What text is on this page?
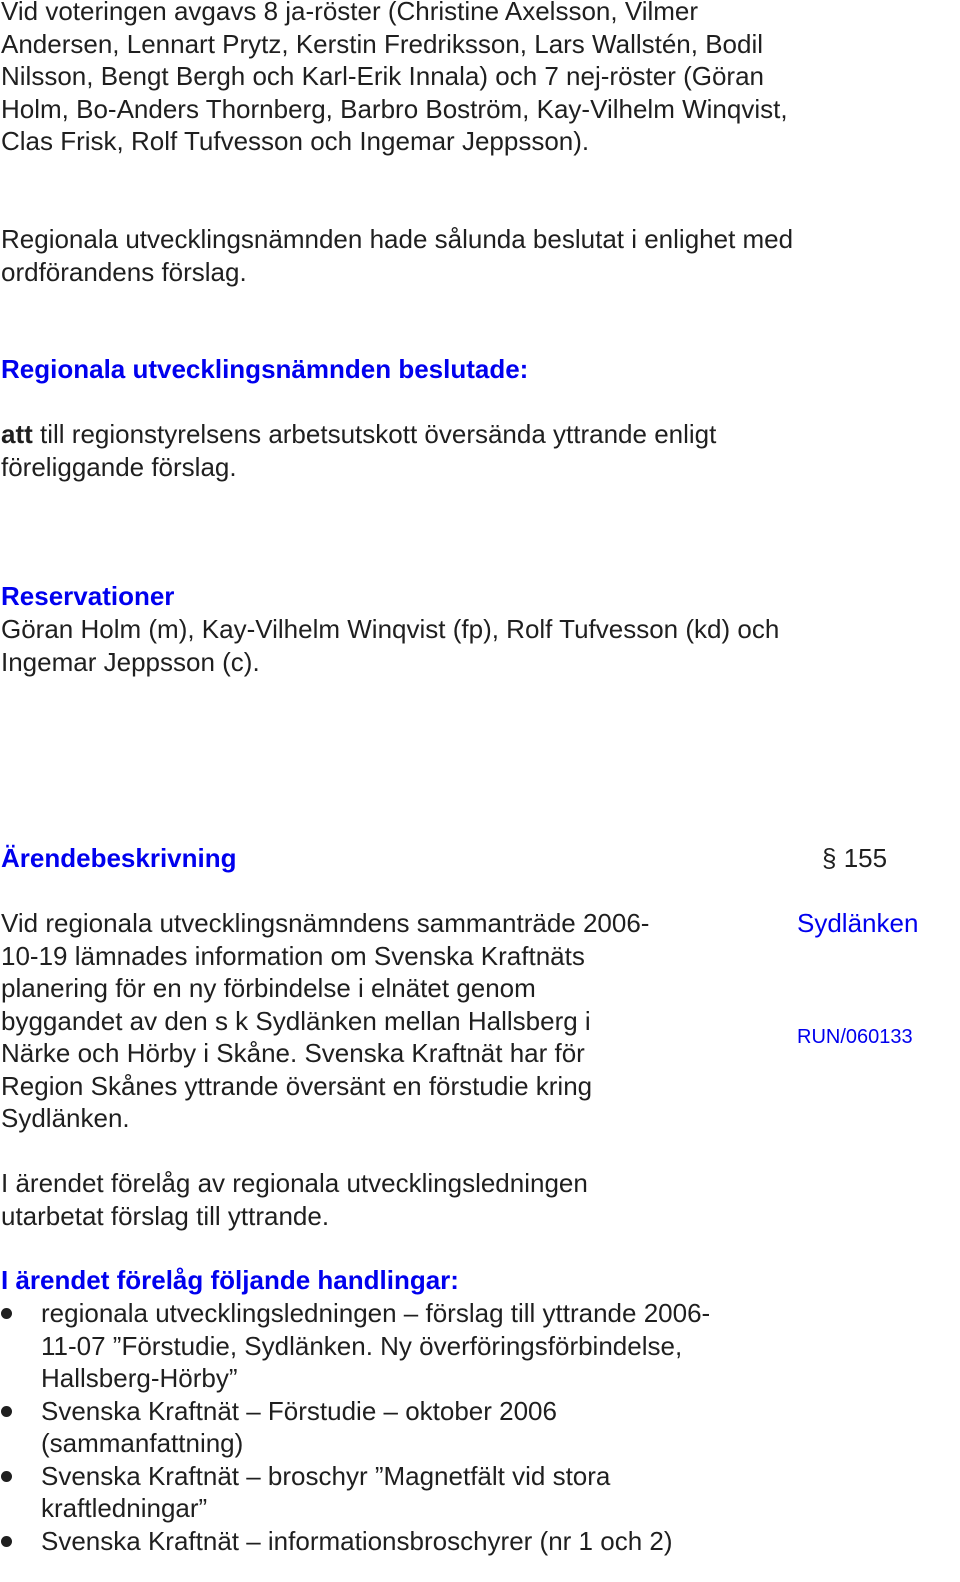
Vid voteringen avgavs 8 ja-röster (Christine Axelsson, Vilmer Andersen, Lennart Prytz, Kerstin Fredriksson, Lars Wallstén, Bodil Nilsson, Bengt Bergh och Karl-Erik Innala) och 7 nej-röster (Göran Holm, Bo-Anders Thornberg, Barbro Boström, Kay-Vilhelm Winqvist, Clas Frisk, Rolf Tufvesson och Ingemar Jeppsson).

Regionala utvecklingsnämnden hade sålunda beslutat i enlighet med ordförandens förslag.

Regionala utvecklingsnämnden beslutade:

att till regionstyrelsens arbetsutskott översända yttrande enligt föreliggande förslag.

Reservationer

Göran Holm (m), Kay-Vilhelm Winqvist (fp), Rolf Tufvesson (kd) och Ingemar Jeppsson (c).

Ärendebeskrivning	§ 155
Sydlänken
RUN/060133

Vid regionala utvecklingsnämndens sammanträde 2006-10-19 lämnades information om Svenska Kraftnäts planering för en ny förbindelse i elnätet genom byggandet av den s k Sydlänken mellan Hallsberg i Närke och Hörby i Skåne. Svenska Kraftnät har för Region Skånes yttrande översänt en förstudie kring Sydlänken.

I ärendet förelåg av regionala utvecklingsledningen utarbetat förslag till yttrande.

I ärendet förelåg följande handlingar:

regionala utvecklingsledningen – förslag till yttrande 2006-11-07 ”Förstudie, Sydlänken. Ny överföringsförbindelse, Hallsberg-Hörby”
Svenska Kraftnät – Förstudie – oktober 2006 (sammanfattning)
Svenska Kraftnät – broschyr ”Magnetfält vid stora kraftledningar”
Svenska Kraftnät – informationsbroschyrer (nr 1 och 2)
